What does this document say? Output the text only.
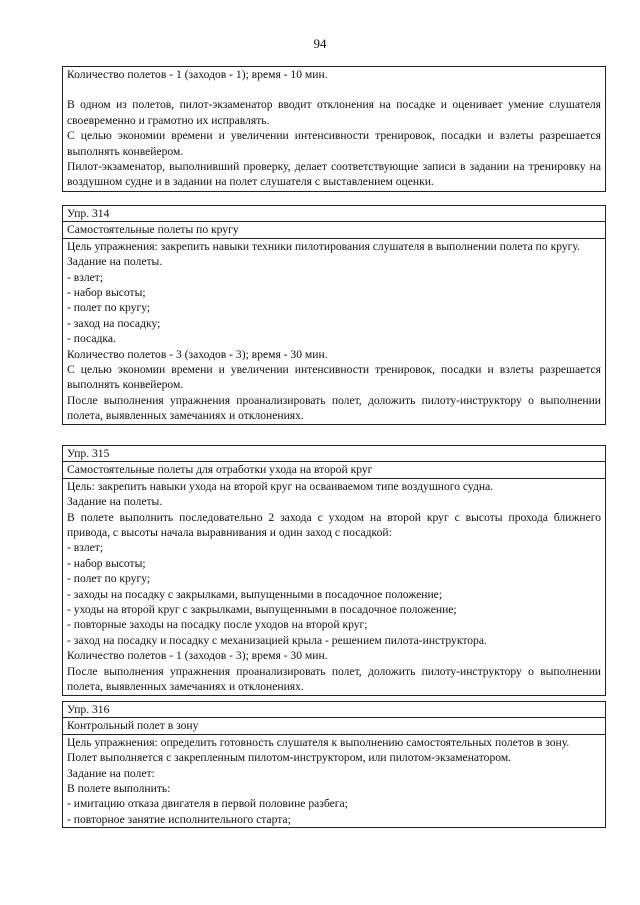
94

Количество полетов - 1 (заходов - 1); время - 10 мин.

В одном из полетов, пилот-экзаменатор вводит отклонения на посадке и оценивает умение слушателя своевременно и грамотно их исправлять.

С целью экономии времени и увеличении интенсивности тренировок, посадки и взлеты разрешается выполнять конвейером.

Пилот-экзаменатор, выполнивший проверку, делает соответствующие записи в задании на тренировку на воздушном судне и в задании на полет слушателя с выставлением оценки.

Упр. 314
Самостоятельные полеты по кругу

Цель упражнения: закрепить навыки техники пилотирования слушателя в выполнении полета по кругу.

Задание на полеты.

- взлет;
- набор высоты;
- полет по кругу;
- заход на посадку;
- посадка.

Количество полетов - 3 (заходов - 3); время - 30 мин.

С целью экономии времени и увеличении интенсивности тренировок, посадки и взлеты разрешается выполнять конвейером.

После выполнения упражнения проанализировать полет, доложить пилоту-инструктору о выполнении полета, выявленных замечаниях и отклонениях.

Упр. 315
Самостоятельные полеты для отработки ухода на второй круг

Цель: закрепить навыки ухода на второй круг на осваиваемом типе воздушного судна.

Задание на полеты.

В полете выполнить последовательно 2 захода с уходом на второй круг с высоты прохода ближнего привода, с высоты начала выравнивания и один заход с посадкой:

- взлет;
- набор высоты;
- полет по кругу;
- заходы на посадку с закрылками, выпущенными в посадочное положение;
- уходы на второй круг с закрылками, выпущенными в посадочное положение;
- повторные заходы на посадку после уходов на второй круг;
- заход на посадку и посадку с механизацией крыла - решением пилота-инструктора.

Количество полетов - 1 (заходов - 3); время - 30 мин.

После выполнения упражнения проанализировать полет, доложить пилоту-инструктору о выполнении полета, выявленных замечаниях и отклонениях.

Упр. 316
Контрольный полет в зону

Цель упражнения: определить готовность слушателя к выполнению самостоятельных полетов в зону.

Полет выполняется с закрепленным пилотом-инструктором, или пилотом-экзаменатором.

Задание на полет:

В полете выполнить:

- имитацию отказа двигателя в первой половине разбега;
- повторное занятие исполнительного старта;
